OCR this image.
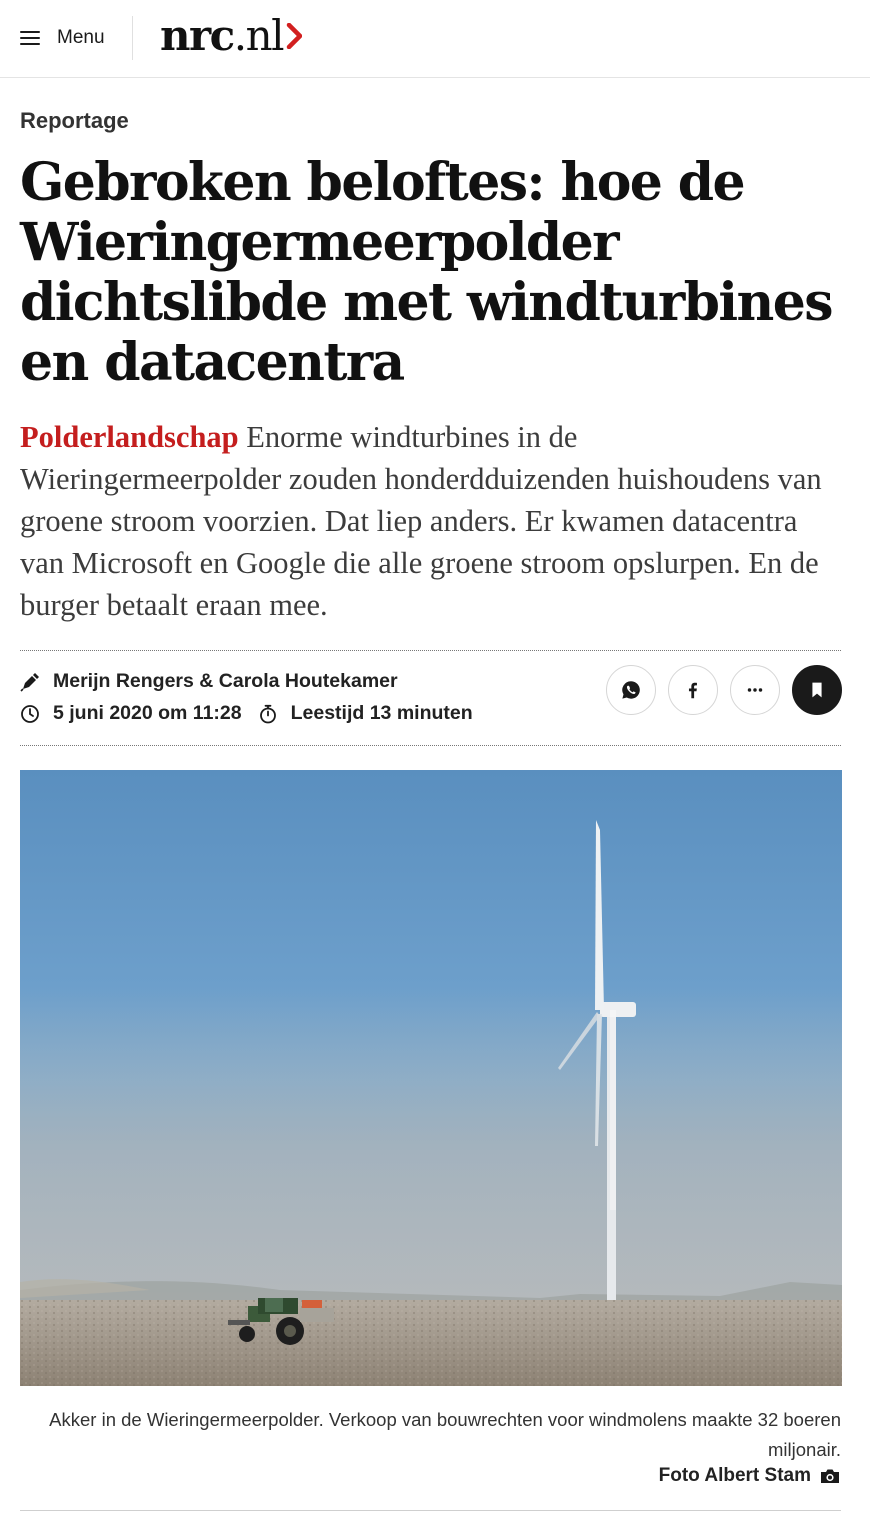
Menu nrc .nl
Reportage
Gebroken beloftes: hoe de Wieringermeerpolder dichtslibde met windturbines en datacentra

Polderlandschap Enorme windturbines in de Wieringermeerpolder zouden honderdduizenden huishoudens van groene stroom voorzien. Dat liep anders. Er kwamen datacentra van Microsoft en Google die alle groene stroom opslurpen. En de burger betaalt eraan mee.

Merijn Rengers & Carola Houtekamer
5 juni 2020 om 11:28	Leestijd 13 minuten
Akker in de Wieringermeerpolder. Verkoop van bouwrechten voor windmolens maakte 32 boeren miljonair.
Foto Albert Stam
